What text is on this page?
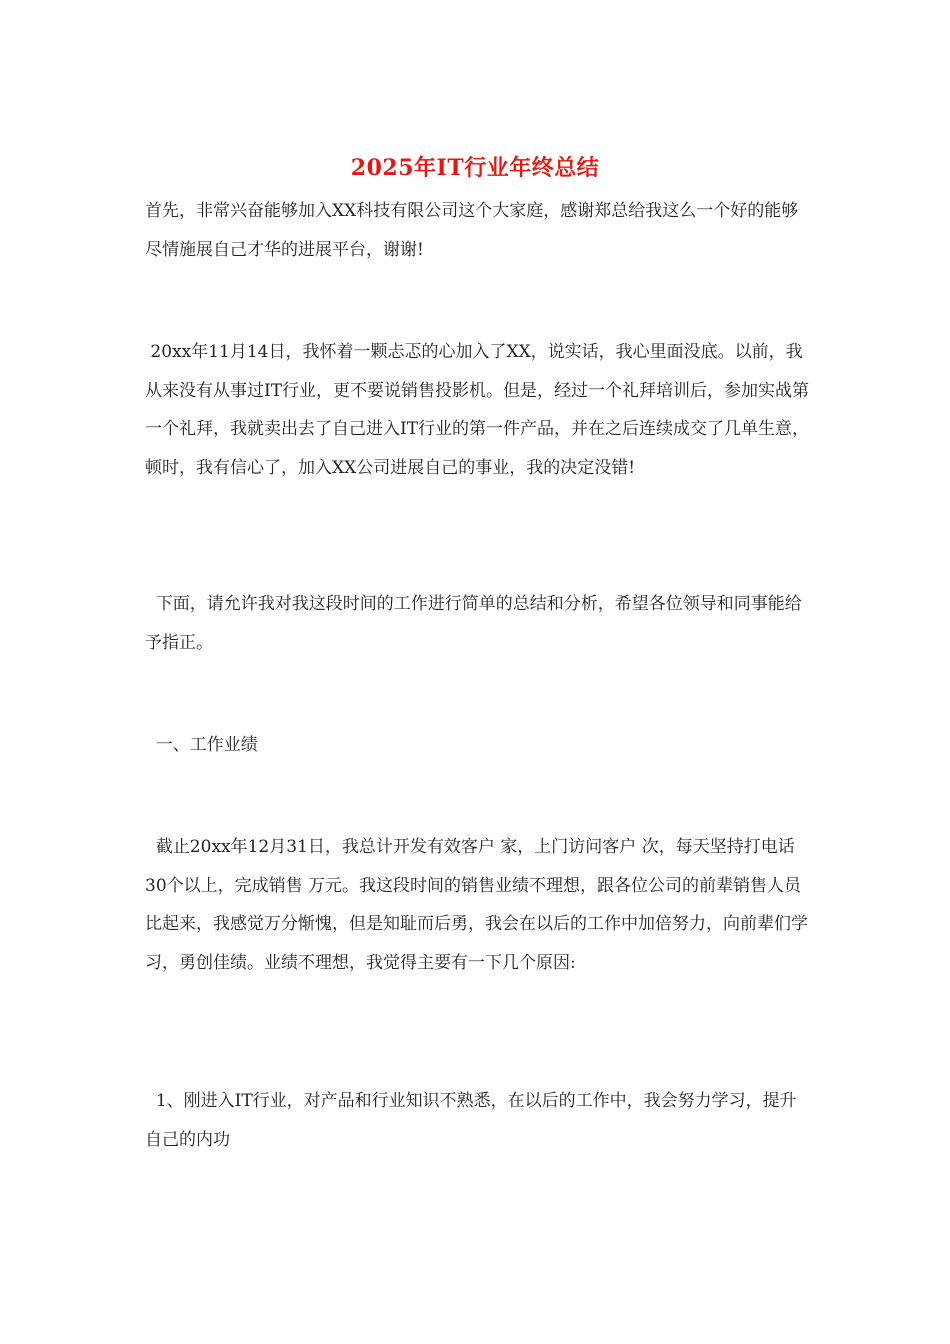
2025年IT行业年终总结
首先，非常兴奋能够加入XX科技有限公司这个大家庭，感谢郑总给我这么一个好的能够尽情施展自己才华的进展平台，谢谢!
20xx年11月14日，我怀着一颗忐忑的心加入了XX，说实话，我心里面没底。以前，我从来没有从事过IT行业，更不要说销售投影机。但是，经过一个礼拜培训后，参加实战第一个礼拜，我就卖出去了自己进入IT行业的第一件产品，并在之后连续成交了几单生意，顿时，我有信心了，加入XX公司进展自己的事业，我的决定没错!
下面，请允许我对我这段时间的工作进行简单的总结和分析，希望各位领导和同事能给予指正。
一、工作业绩
截止20xx年12月31日，我总计开发有效客户 家，上门访问客户 次，每天坚持打电话 30个以上，完成销售 万元。我这段时间的销售业绩不理想，跟各位公司的前辈销售人员比起来，我感觉万分惭愧，但是知耻而后勇，我会在以后的工作中加倍努力，向前辈们学习，勇创佳绩。业绩不理想，我觉得主要有一下几个原因:
1、刚进入IT行业，对产品和行业知识不熟悉，在以后的工作中，我会努力学习，提升自己的内功
